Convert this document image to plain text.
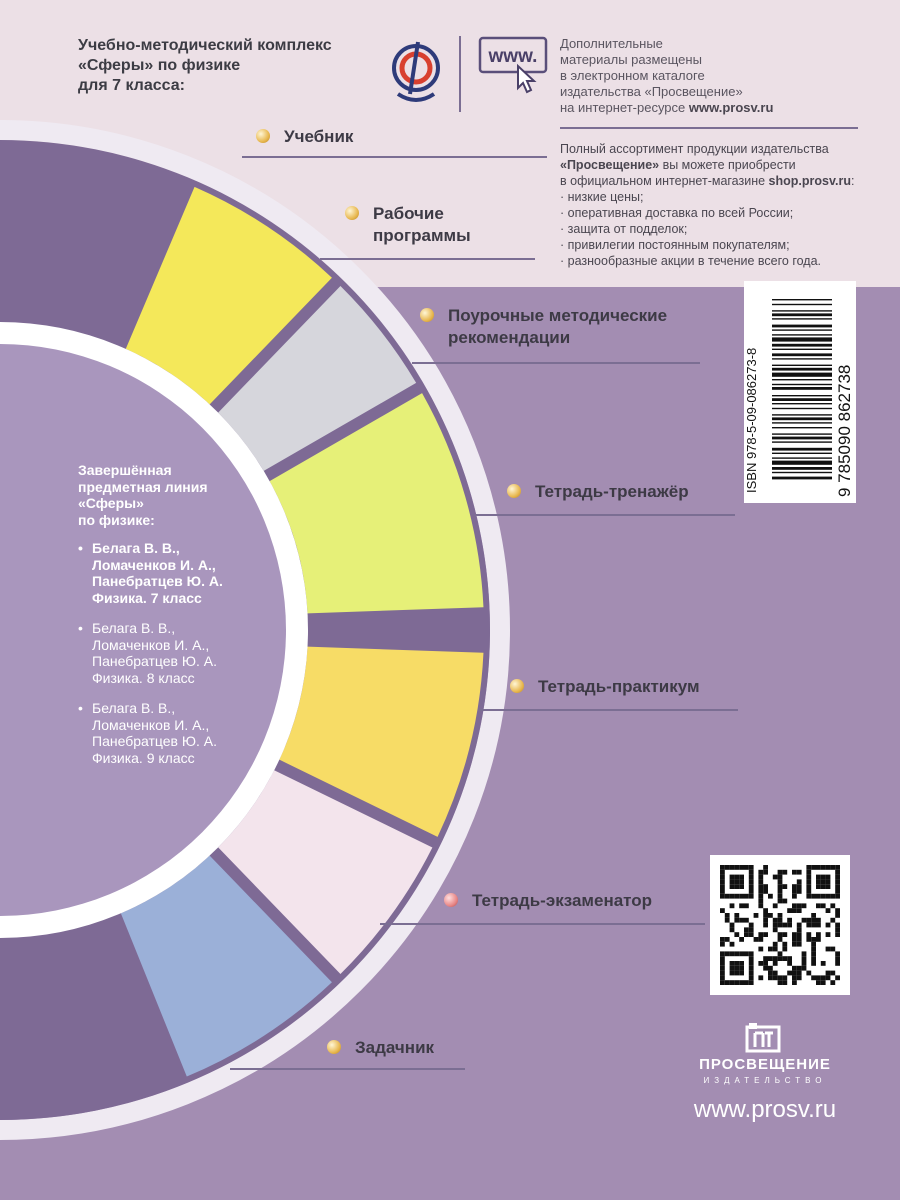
Учебно-методический комплекс
«Сферы» по физике
для 7 класса:
www.
Дополнительные
материалы размещены
в электронном каталоге
издательства «Просвещение»
на интернет-ресурсе www.prosv.ru
Полный ассортимент продукции издательства
«Просвещение» вы можете приобрести
в официальном интернет-магазине shop.prosv.ru:
· низкие цены;
· оперативная доставка по всей России;
· защита от подделок;
· привилегии постоянным покупателям;
· разнообразные акции в течение всего года.
Учебник
Рабочие программы
Поурочные методические рекомендации
Тетрадь-тренажёр
Тетрадь-практикум
Тетрадь-экзаменатор
Задачник
Завершённая
предметная линия
«Сферы»
по физике:
• Белага В. В.,
Ломаченков И. А.,
Панебратцев Ю. А.
Физика. 7 класс
• Белага В. В.,
Ломаченков И. А.,
Панебратцев Ю. А.
Физика. 8 класс
• Белага В. В.,
Ломаченков И. А.,
Панебратцев Ю. А.
Физика. 9 класс
ISBN 978-5-09-086273-8	9 785090 862738
ПРОСВЕЩЕНИЕ
ИЗДАТЕЛЬСТВО
www.prosv.ru
